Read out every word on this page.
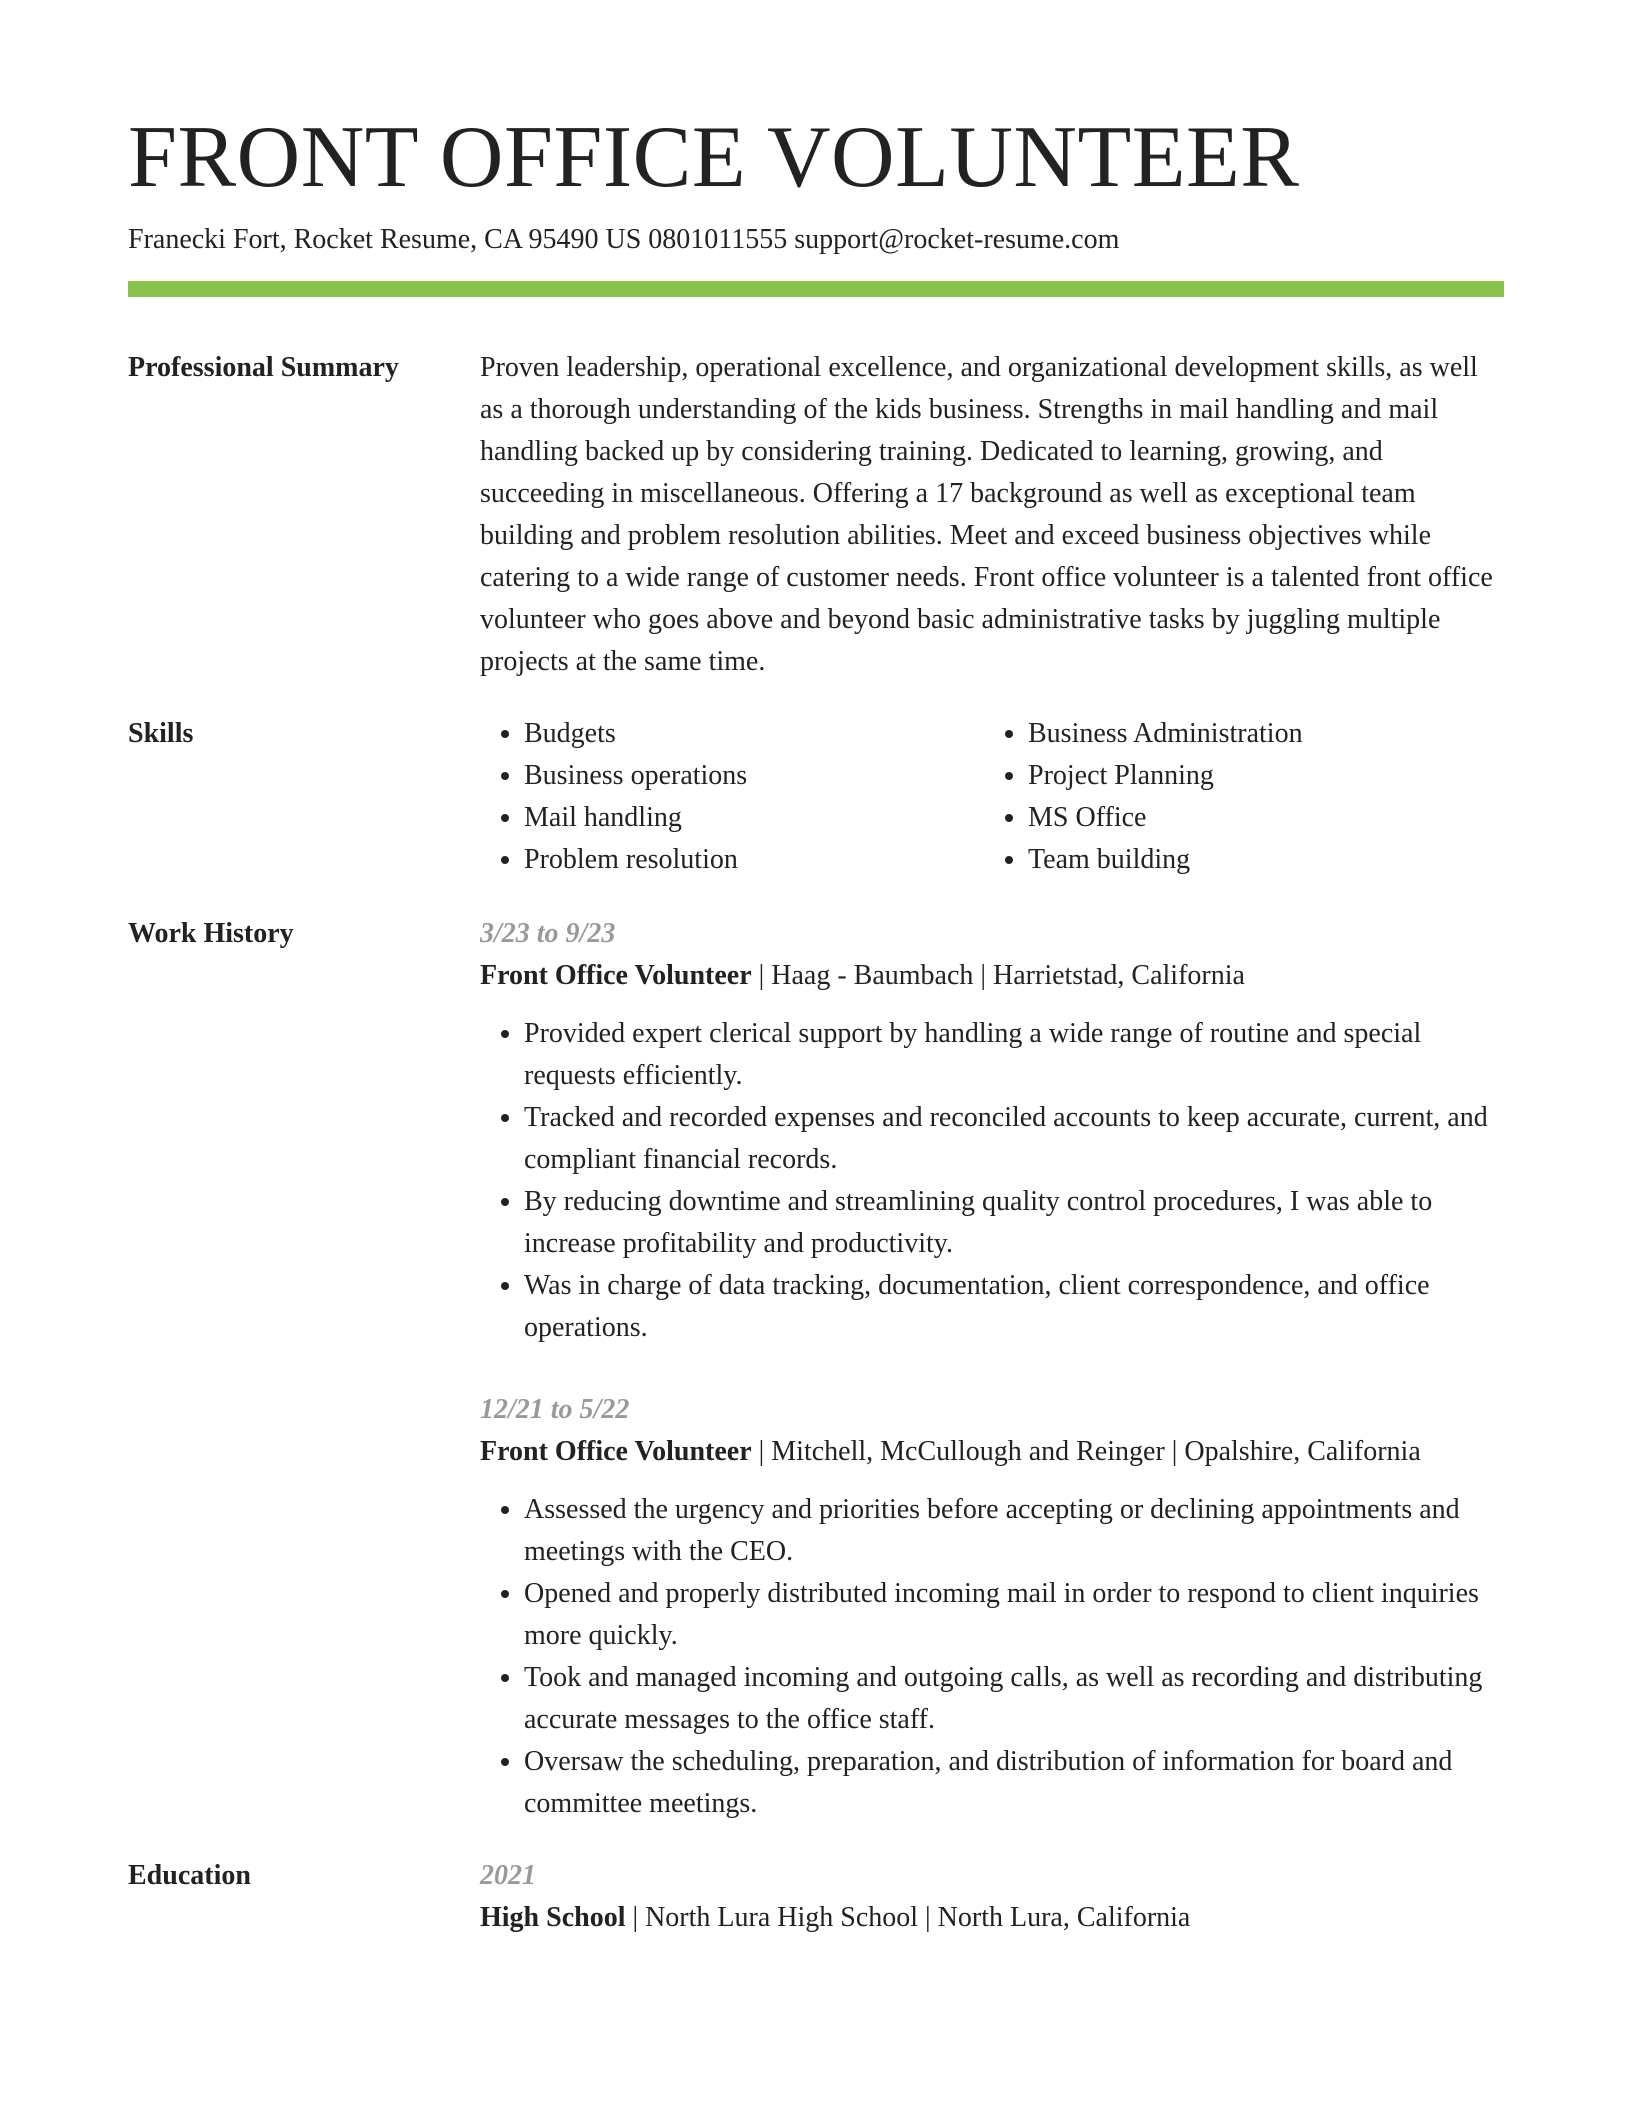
FRONT OFFICE VOLUNTEER
Franecki Fort, Rocket Resume, CA 95490 US 0801011555 support@rocket-resume.com
Professional Summary	Proven leadership, operational excellence, and organizational development skills, as well as a thorough understanding of the kids business. Strengths in mail handling and mail handling backed up by considering training. Dedicated to learning, growing, and succeeding in miscellaneous. Offering a 17 background as well as exceptional team building and problem resolution abilities. Meet and exceed business objectives while catering to a wide range of customer needs. Front office volunteer is a talented front office volunteer who goes above and beyond basic administrative tasks by juggling multiple projects at the same time.

Skills
•	Budgets
• Business operations
• Mail handling
• Problem resolution
• Business Administration
• Project Planning
• MS Office
• Team building
Work History	3/23 to 9/23
Front Office Volunteer | Haag - Baumbach | Harrietstad, California
• Provided expert clerical support by handling a wide range of routine and special requests efficiently.
• Tracked and recorded expenses and reconciled accounts to keep accurate, current, and compliant financial records.
• By reducing downtime and streamlining quality control procedures, I was able to increase profitability and productivity.
• Was in charge of data tracking, documentation, client correspondence, and office operations.
12/21 to 5/22
Front Office Volunteer | Mitchell, McCullough and Reinger | Opalshire, California
• Assessed the urgency and priorities before accepting or declining appointments and meetings with the CEO.
• Opened and properly distributed incoming mail in order to respond to client inquiries more quickly.
• Took and managed incoming and outgoing calls, as well as recording and distributing accurate messages to the office staff.
• Oversaw the scheduling, preparation, and distribution of information for board and committee meetings.
Education	2021
High School | North Lura High School | North Lura, California
